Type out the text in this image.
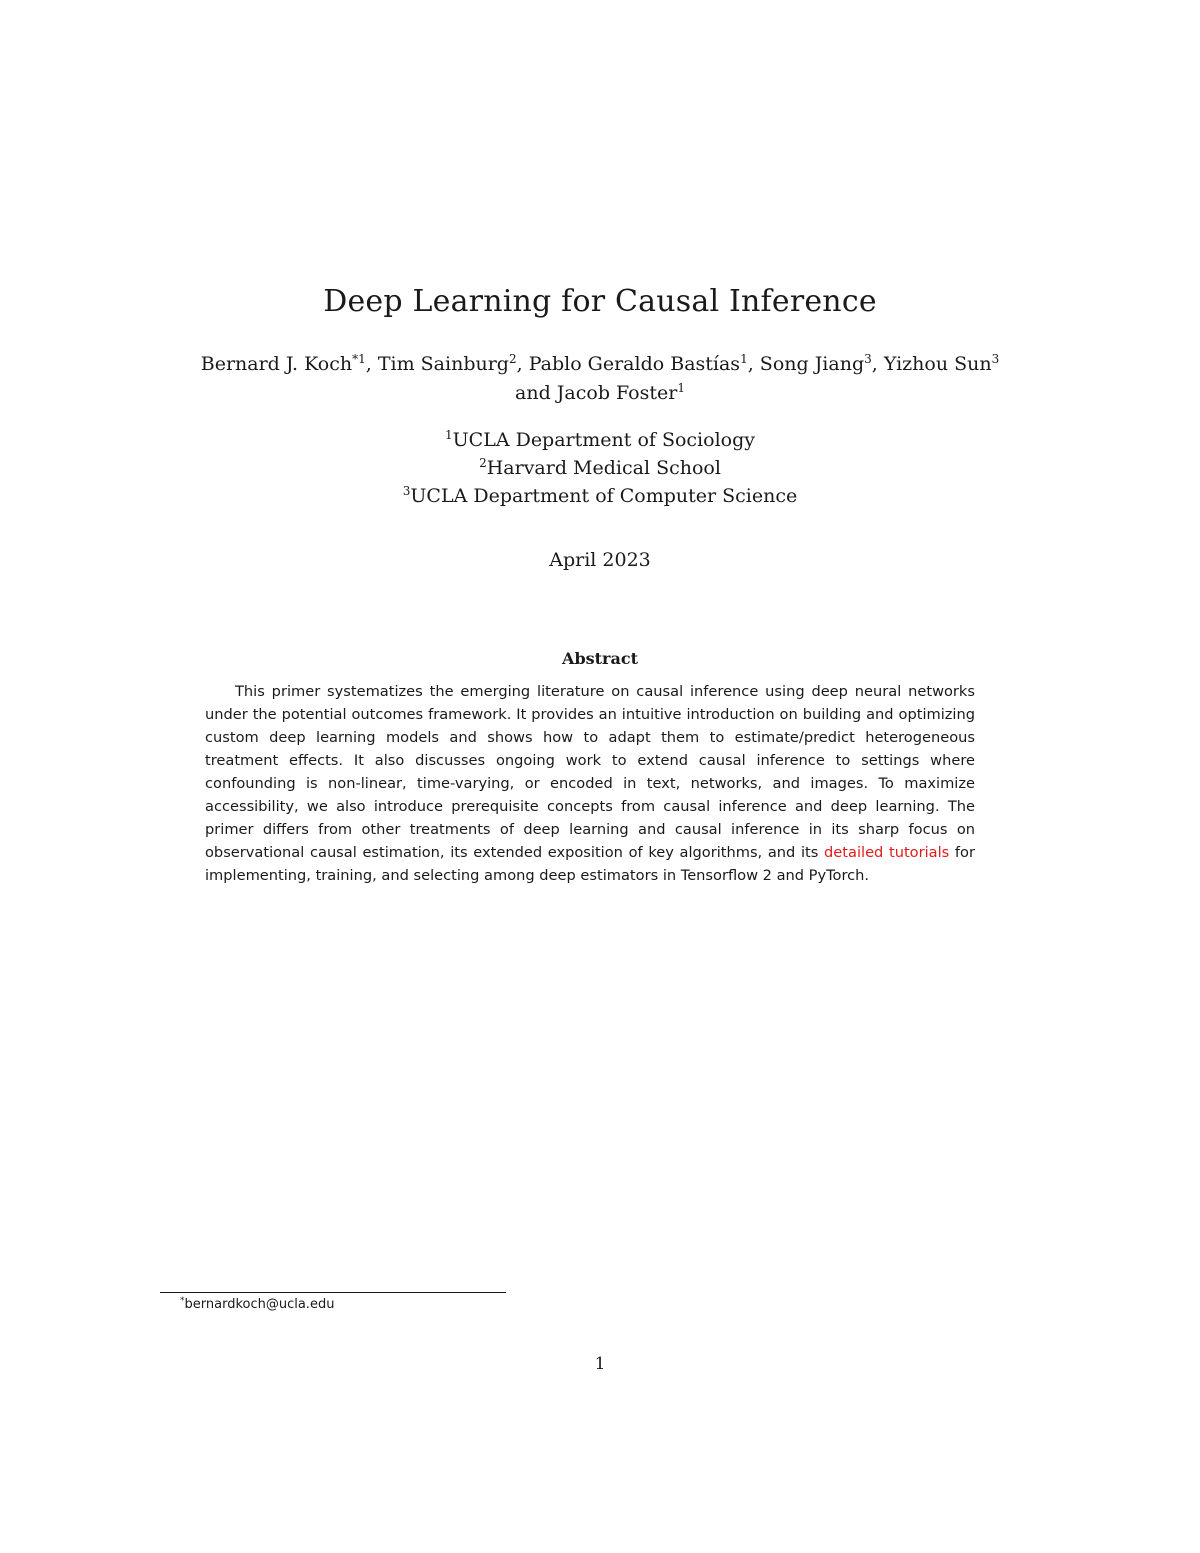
Deep Learning for Causal Inference
Bernard J. Koch$^{*1}$, Tim Sainburg$^2$, Pablo Geraldo Bastías$^1$, Song Jiang$^3$, Yizhou Sun$^3$
and Jacob Foster$^1$
$^1$UCLA Department of Sociology
$^2$Harvard Medical School
$^3$UCLA Department of Computer Science
April 2023
Abstract
This primer systematizes the emerging literature on causal inference using deep neural networks under the potential outcomes framework. It provides an intuitive introduction on building and optimizing custom deep learning models and shows how to adapt them to estimate/predict heterogeneous treatment effects. It also discusses ongoing work to extend causal inference to settings where confounding is non-linear, time-varying, or encoded in text, networks, and images. To maximize accessibility, we also introduce prerequisite concepts from causal inference and deep learning. The primer differs from other treatments of deep learning and causal inference in its sharp focus on observational causal estimation, its extended exposition of key algorithms, and its detailed tutorials for implementing, training, and selecting among deep estimators in Tensorflow 2 and PyTorch.
*bernardkoch@ucla.edu
1
